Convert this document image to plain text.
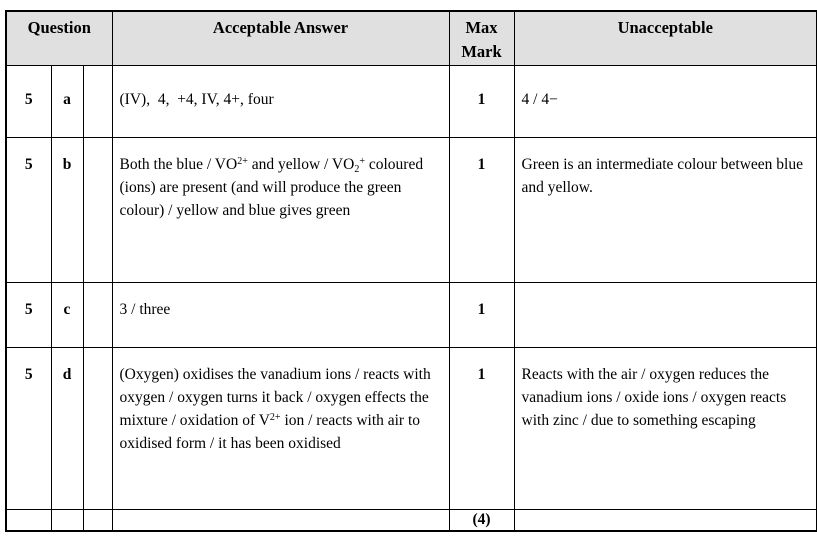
Question			Acceptable Answer	Max Mark	Unacceptable
5	a		(IV),  4,  +4, IV, 4+, four	1	4 / 4−
5	b		Both the blue / $VO^{2+}$ and yellow / $VO_2^+$ coloured (ions) are present (and will produce the green colour) / yellow and blue gives green	1	Green is an intermediate colour between blue and yellow.
5	c		3 / three	1	
5	d		(Oxygen) oxidises the vanadium ions / reacts with oxygen / oxygen turns it back / oxygen effects the mixture / oxidation of $V^{2+}$ ion / reacts with air to oxidised form / it has been oxidised	1	Reacts with the air / oxygen reduces the vanadium ions / oxide ions / oxygen reacts with zinc / due to something escaping
				(4)	
